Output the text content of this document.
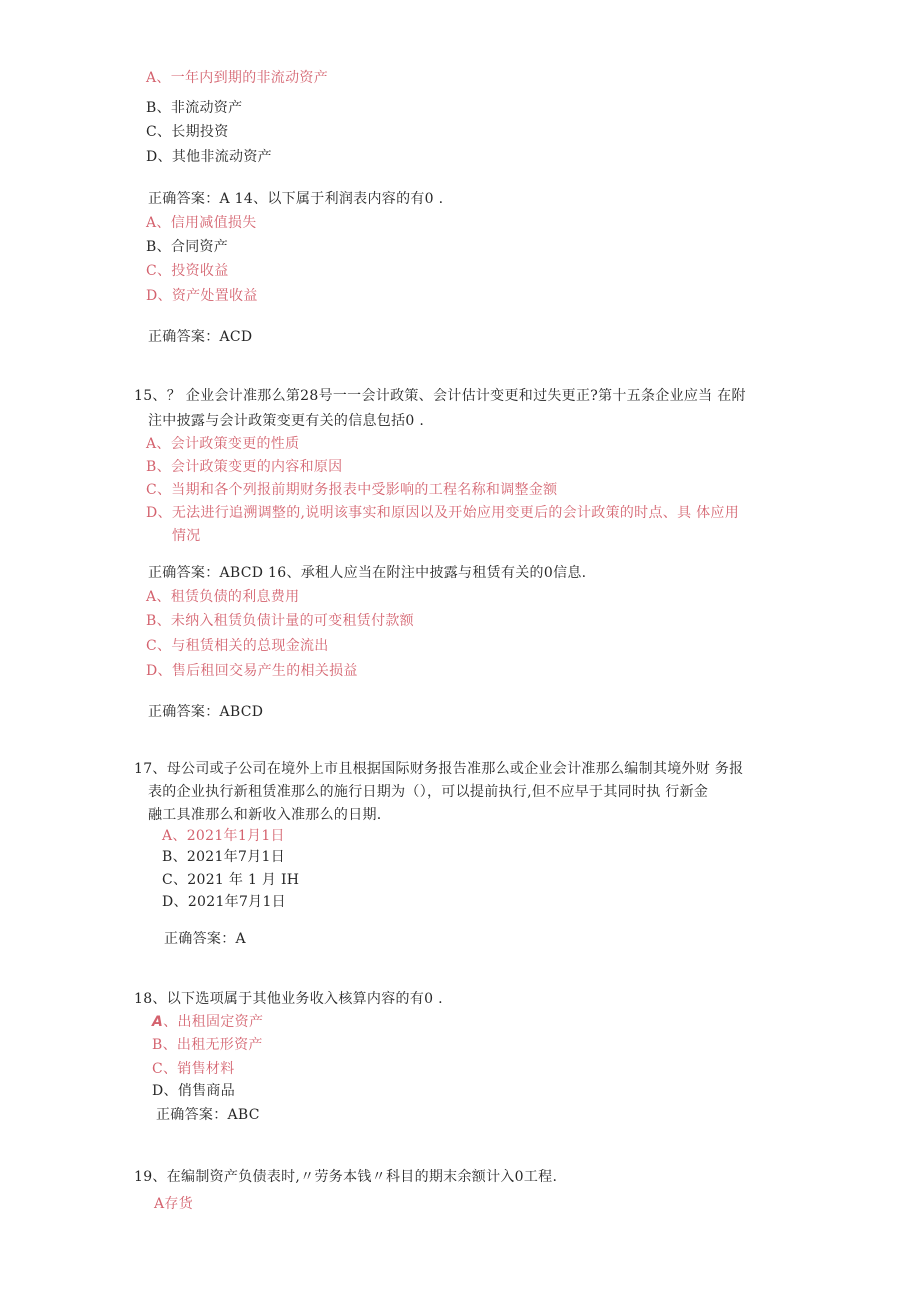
A、一年内到期的非流动资产
B、非流动资产
C、长期投资
D、其他非流动资产
正确答案：A 14、以下属于利润表内容的有0 .
A、信用减值损失
B、合同资产
C、投资收益
D、资产处置收益
正确答案：ACD
15、？ 企业会计准那么第28号一一会计政策、会计估计变更和过失更正?第十五条企业应当 在附
注中披露与会计政策变更有关的信息包括0 .
A、会计政策变更的性质
B、会计政策变更的内容和原因
C、当期和各个列报前期财务报表中受影响的工程名称和调整金额
D、无法进行追溯调整的,说明该事实和原因以及开始应用变更后的会计政策的时点、具 体应用
情况
正确答案：ABCD 16、承租人应当在附注中披露与租赁有关的0信息.
A、租赁负债的利息费用
B、未纳入租赁负债计量的可变租赁付款额
C、与租赁相关的总现金流出
D、售后租回交易产生的相关损益
正确答案：ABCD
17、母公司或子公司在境外上市且根据国际财务报告准那么或企业会计准那么编制其境外财 务报
表的企业执行新租赁准那么的施行日期为（），可以提前执行,但不应早于其同时执 行新金
融工具准那么和新收入准那么的日期.
A、2021年1月1日
B、2021年7月1日
C、2021 年 1 月 IH
D、2021年7月1日
正确答案：A
18、以下选项属于其他业务收入核算内容的有0 .
A、出租固定资产
B、出租无形资产
C、销售材料
D、俏售商品
正确答案：ABC
19、在编制资产负债表时,〃劳务本钱〃科目的期末余额计入0工程.
A存货
